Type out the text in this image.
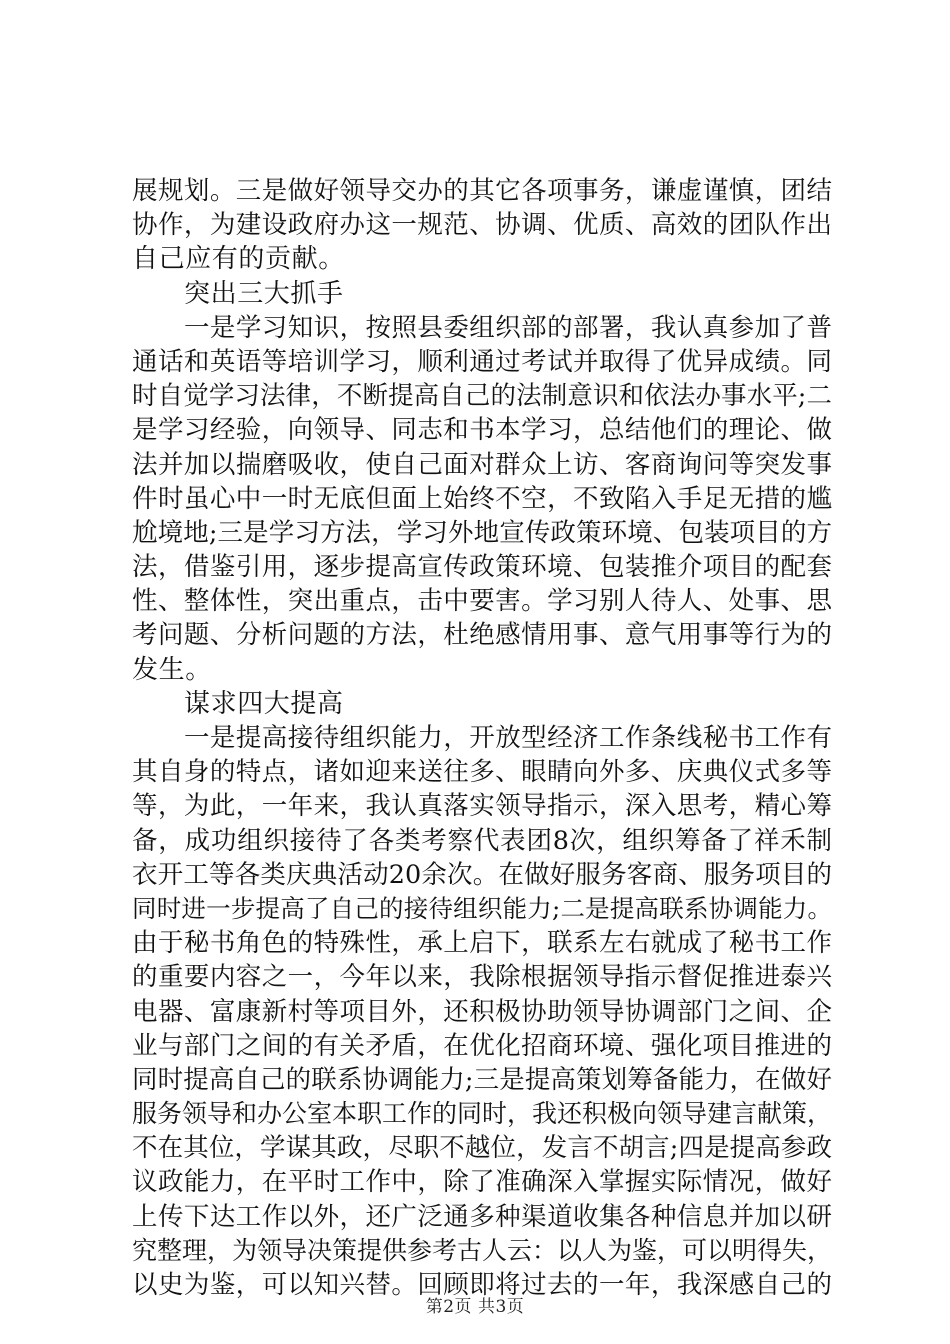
展规划。三是做好领导交办的其它各项事务，谦虚谨慎，团结
协作，为建设政府办这一规范、协调、优质、高效的团队作出
自己应有的贡献。
突出三大抓手
一是学习知识，按照县委组织部的部署，我认真参加了普
通话和英语等培训学习，顺利通过考试并取得了优异成绩。同
时自觉学习法律，不断提高自己的法制意识和依法办事水平;二
是学习经验，向领导、同志和书本学习，总结他们的理论、做
法并加以揣磨吸收，使自己面对群众上访、客商询问等突发事
件时虽心中一时无底但面上始终不空，不致陷入手足无措的尴
尬境地;三是学习方法，学习外地宣传政策环境、包装项目的方
法，借鉴引用，逐步提高宣传政策环境、包装推介项目的配套
性、整体性，突出重点，击中要害。学习别人待人、处事、思
考问题、分析问题的方法，杜绝感情用事、意气用事等行为的
发生。
谋求四大提高
一是提高接待组织能力，开放型经济工作条线秘书工作有
其自身的特点，诸如迎来送往多、眼睛向外多、庆典仪式多等
等，为此，一年来，我认真落实领导指示，深入思考，精心筹
备，成功组织接待了各类考察代表团8次，组织筹备了祥禾制
衣开工等各类庆典活动20余次。在做好服务客商、服务项目的
同时进一步提高了自己的接待组织能力;二是提高联系协调能力。
由于秘书角色的特殊性，承上启下，联系左右就成了秘书工作
的重要内容之一，今年以来，我除根据领导指示督促推进泰兴
电器、富康新村等项目外，还积极协助领导协调部门之间、企
业与部门之间的有关矛盾，在优化招商环境、强化项目推进的
同时提高自己的联系协调能力;三是提高策划筹备能力，在做好
服务领导和办公室本职工作的同时，我还积极向领导建言献策，
不在其位，学谋其政，尽职不越位，发言不胡言;四是提高参政
议政能力，在平时工作中，除了准确深入掌握实际情况，做好
上传下达工作以外，还广泛通多种渠道收集各种信息并加以研
究整理，为领导决策提供参考古人云：以人为鉴，可以明得失，
以史为鉴，可以知兴替。回顾即将过去的一年，我深感自己的
第2页 共3页
